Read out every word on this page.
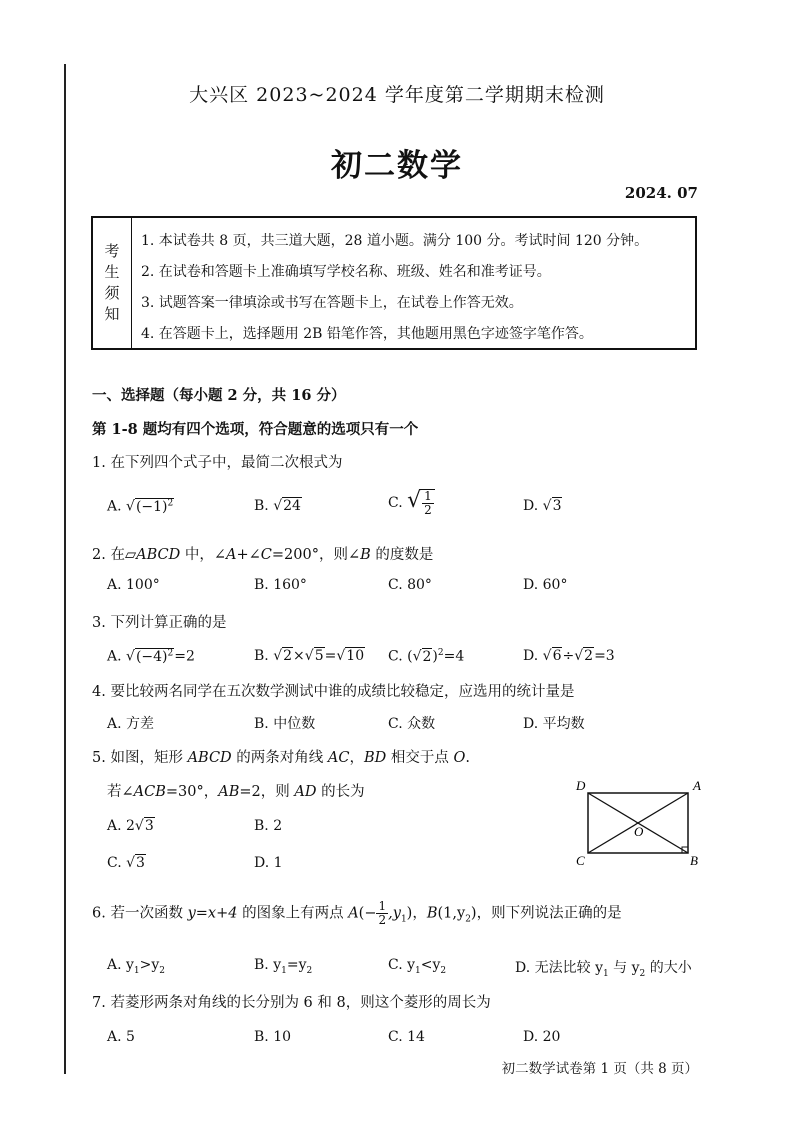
大兴区 2023~2024 学年度第二学期期末检测
初二数学
2024. 07
考
生
须
知
1. 本试卷共 8 页，共三道大题，28 道小题。满分 100 分。考试时间 120 分钟。
2. 在试卷和答题卡上准确填写学校名称、班级、姓名和准考证号。
3. 试题答案一律填涂或书写在答题卡上，在试卷上作答无效。
4. 在答题卡上，选择题用 2B 铅笔作答，其他题用黑色字迹签字笔作答。
一、选择题（每小题 2 分，共 16 分）
第 1-8 题均有四个选项，符合题意的选项只有一个
1. 在下列四个式子中，最简二次根式为
A. $√(-1)^2$	B. √24	C. √ $\frac{1}{2}$	D. √3
2. 在▱ABCD 中，∠A+∠C=200°，则∠B 的度数是
A. 100°	B. 160°	C. 80°	D. 60°
3. 下列计算正确的是
A. $√(-4)^2=2$	B. √2×√5=√10 C. $(√2)^2=4$	D. √6÷√2=3
4. 要比较两名同学在五次数学测试中谁的成绩比较稳定，应选用的统计量是
A. 方差	B. 中位数	C. 众数	D. 平均数
5. 如图，矩形 ABCD 的两条对角线 AC，BD 相交于点 O.
若∠ACB=30°，AB=2，则 AD 的长为
A. 2√3	B. 2
C. √3	D. 1
D	A
O
C	B
6. 若一次函数 y=x+4 的图象上有两点 $A(- \frac{1}{2} ,y_1)$，$B(1,y_2)$，则下列说法正确的是
A. $y_1>y_2$	B. $y_1=y_2$	C. $y_1<y_2$	D. 无法比较 $y_1$ 与 $y_2$ 的大小
7. 若菱形两条对角线的长分别为 6 和 8，则这个菱形的周长为
A. 5	B. 10	C. 14	D. 20
初二数学试卷第 1 页（共 8 页）
